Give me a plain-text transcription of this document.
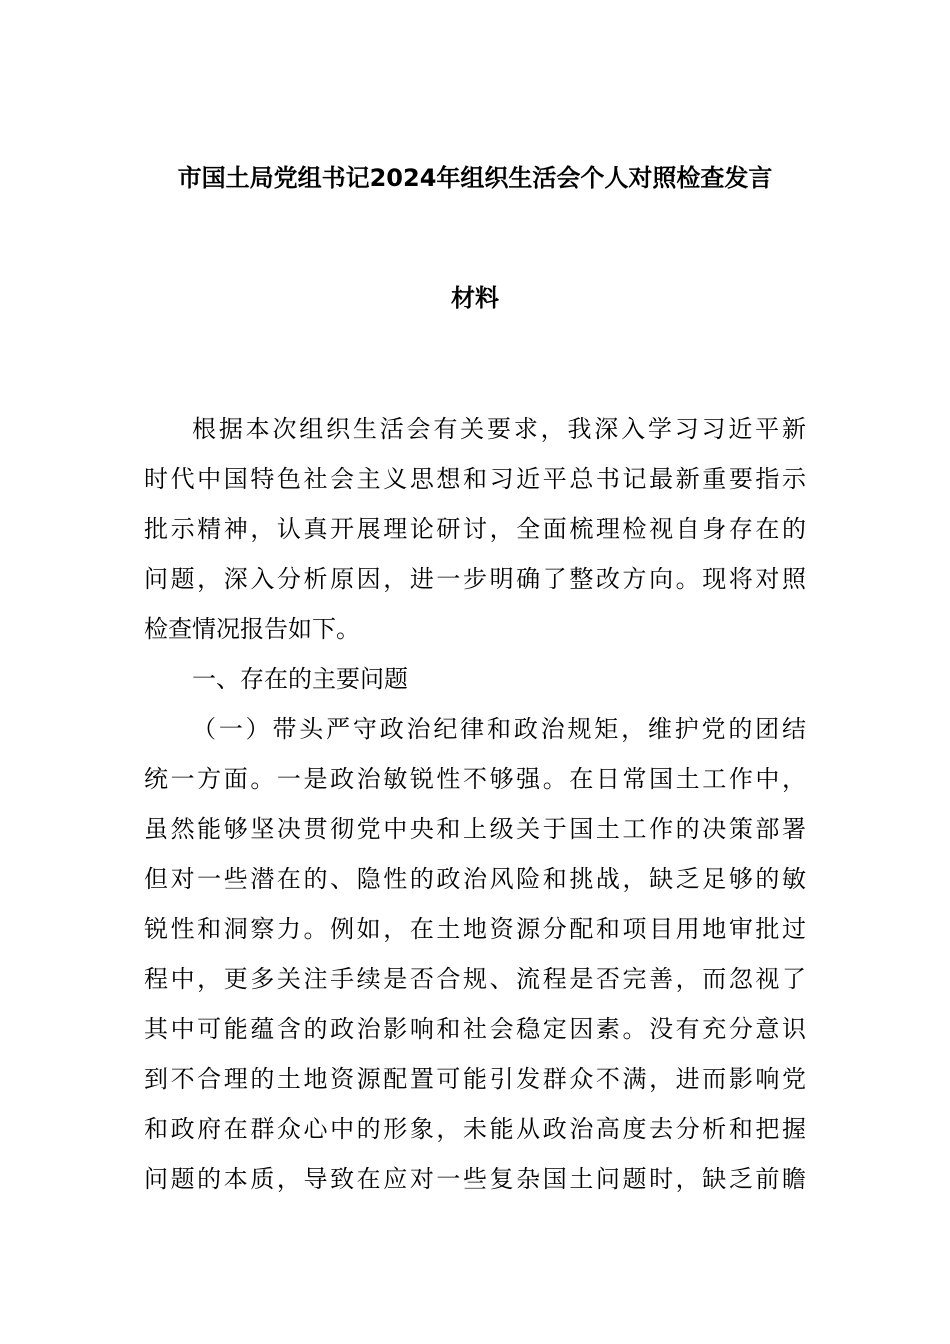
市国土局党组书记2024年组织生活会个人对照检查发言
材料
根据本次组织生活会有关要求，我深入学习习近平新
时代中国特色社会主义思想和习近平总书记最新重要指示
批示精神，认真开展理论研讨，全面梳理检视自身存在的
问题，深入分析原因，进一步明确了整改方向。现将对照
检查情况报告如下。
一、存在的主要问题
（一）带头严守政治纪律和政治规矩，维护党的团结
统一方面。一是政治敏锐性不够强。在日常国土工作中，
虽然能够坚决贯彻党中央和上级关于国土工作的决策部署
但对一些潜在的、隐性的政治风险和挑战，缺乏足够的敏
锐性和洞察力。例如，在土地资源分配和项目用地审批过
程中，更多关注手续是否合规、流程是否完善，而忽视了
其中可能蕴含的政治影响和社会稳定因素。没有充分意识
到不合理的土地资源配置可能引发群众不满，进而影响党
和政府在群众心中的形象，未能从政治高度去分析和把握
问题的本质，导致在应对一些复杂国土问题时，缺乏前瞻
